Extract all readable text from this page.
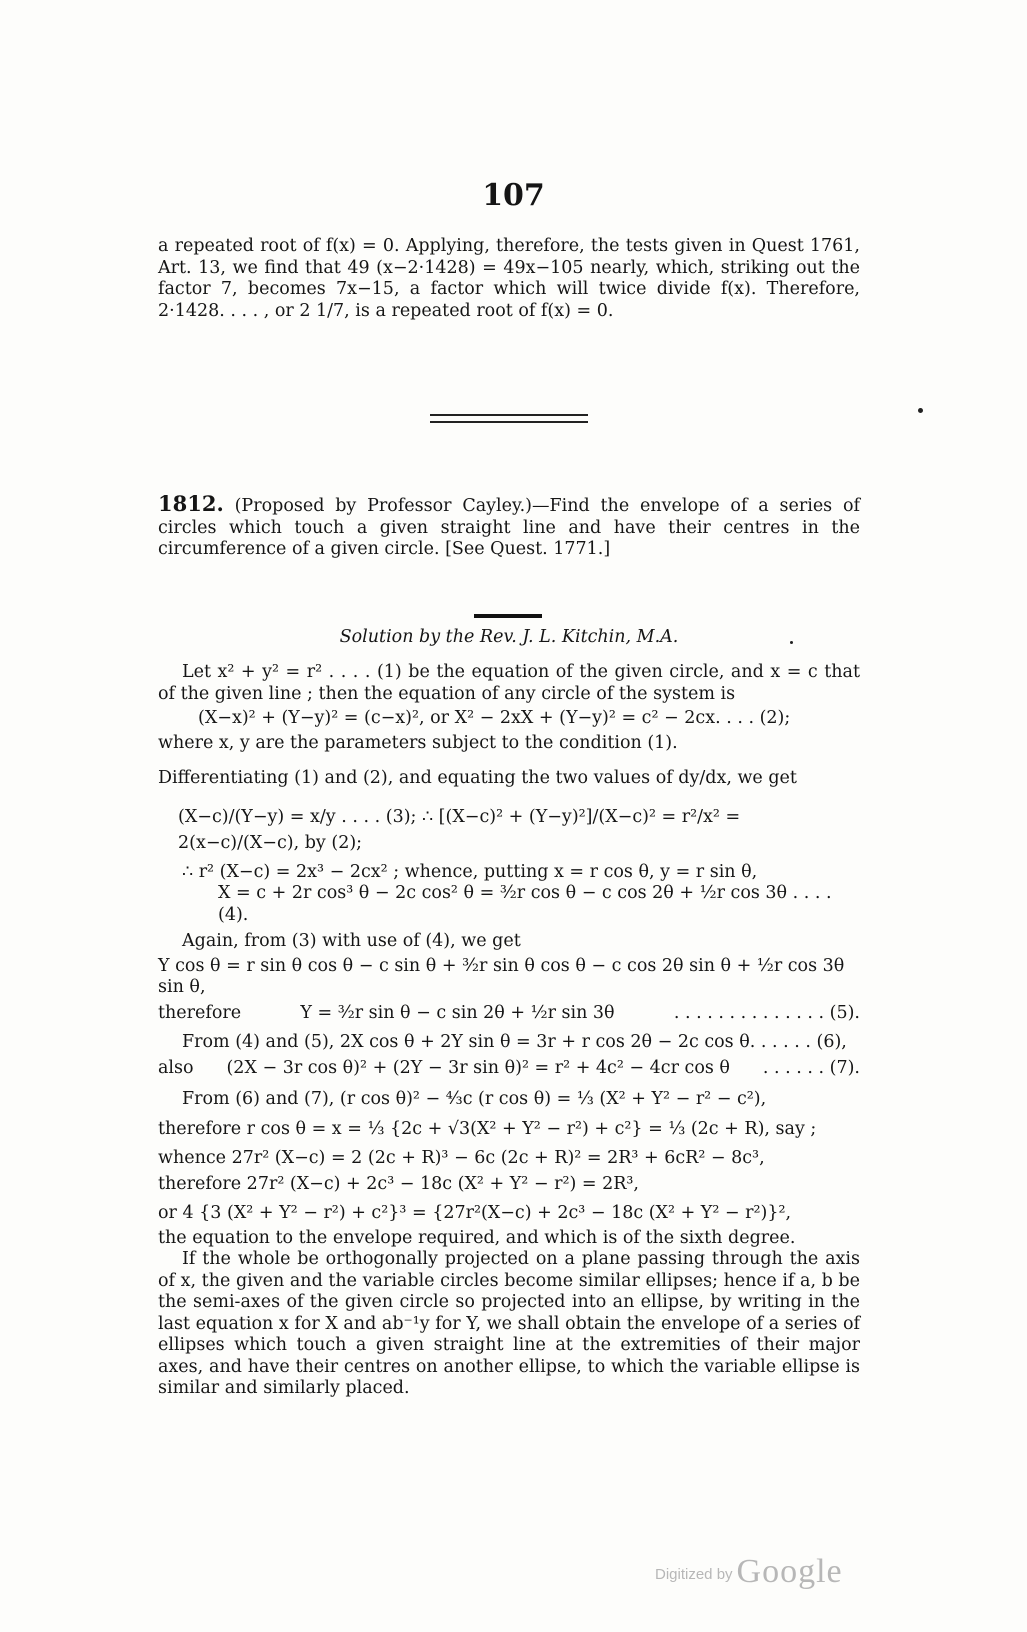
107

a repeated root of f(x) = 0. Applying, therefore, the tests given in Quest 1761, Art. 13, we find that 49 (x−2·1428) = 49x−105 nearly, which, striking out the factor 7, becomes 7x−15, a factor which will twice divide f(x). Therefore, 2·1428. . . . , or 2 1/7, is a repeated root of f(x) = 0.

1812. (Proposed by Professor Cayley.)—Find the envelope of a series of circles which touch a given straight line and have their centres in the circumference of a given circle. [See Quest. 1771.]

Solution by the Rev. J. L. Kitchin, M.A.

Let x² + y² = r² . . . . (1) be the equation of the given circle, and x = c that of the given line ; then the equation of any circle of the system is

(X−x)² + (Y−y)² = (c−x)², or X² − 2xX + (Y−y)² = c² − 2cx. . . . (2);

where x, y are the parameters subject to the condition (1).

Differentiating (1) and (2), and equating the two values of dy/dx, we get

(X−c)/(Y−y) = x/y . . . . (3); ∴ [(X−c)² + (Y−y)²]/(X−c)² = r²/x² = 2(x−c)/(X−c), by (2);

∴ r² (X−c) = 2x³ − 2cx² ; whence, putting x = r cos θ, y = r sin θ,

X = c + 2r cos³ θ − 2c cos² θ = ³⁄₂r cos θ − c cos 2θ + ½r cos 3θ . . . . (4).

Again, from (3) with use of (4), we get

Y cos θ = r sin θ cos θ − c sin θ + ³⁄₂r sin θ cos θ − c cos 2θ sin θ + ½r cos 3θ sin θ,

therefore	Y = ³⁄₂r sin θ − c sin 2θ + ½r sin 3θ	. . . . . . . . . . . . . . (5).

From (4) and (5), 2X cos θ + 2Y sin θ = 3r + r cos 2θ − 2c cos θ. . . . . . (6),

also (2X − 3r cos θ)² + (2Y − 3r sin θ)² = r² + 4c² − 4cr cos θ . . . . . . (7).

From (6) and (7), (r cos θ)² − ⁴⁄₃c (r cos θ) = ⅓ (X² + Y² − r² − c²),

therefore r cos θ = x = ⅓ {2c + √3(X² + Y² − r²) + c²} = ⅓ (2c + R), say ;

whence 27r² (X−c) = 2 (2c + R)³ − 6c (2c + R)² = 2R³ + 6cR² − 8c³,

therefore 27r² (X−c) + 2c³ − 18c (X² + Y² − r²) = 2R³,

or 4 {3 (X² + Y² − r²) + c²}³ = {27r²(X−c) + 2c³ − 18c (X² + Y² − r²)}²,

the equation to the envelope required, and which is of the sixth degree.

If the whole be orthogonally projected on a plane passing through the axis of x, the given and the variable circles become similar ellipses; hence if a, b be the semi-axes of the given circle so projected into an ellipse, by writing in the last equation x for X and ab⁻¹y for Y, we shall obtain the envelope of a series of ellipses which touch a given straight line at the extremities of their major axes, and have their centres on another ellipse, to which the variable ellipse is similar and similarly placed.

Digitized by Google
